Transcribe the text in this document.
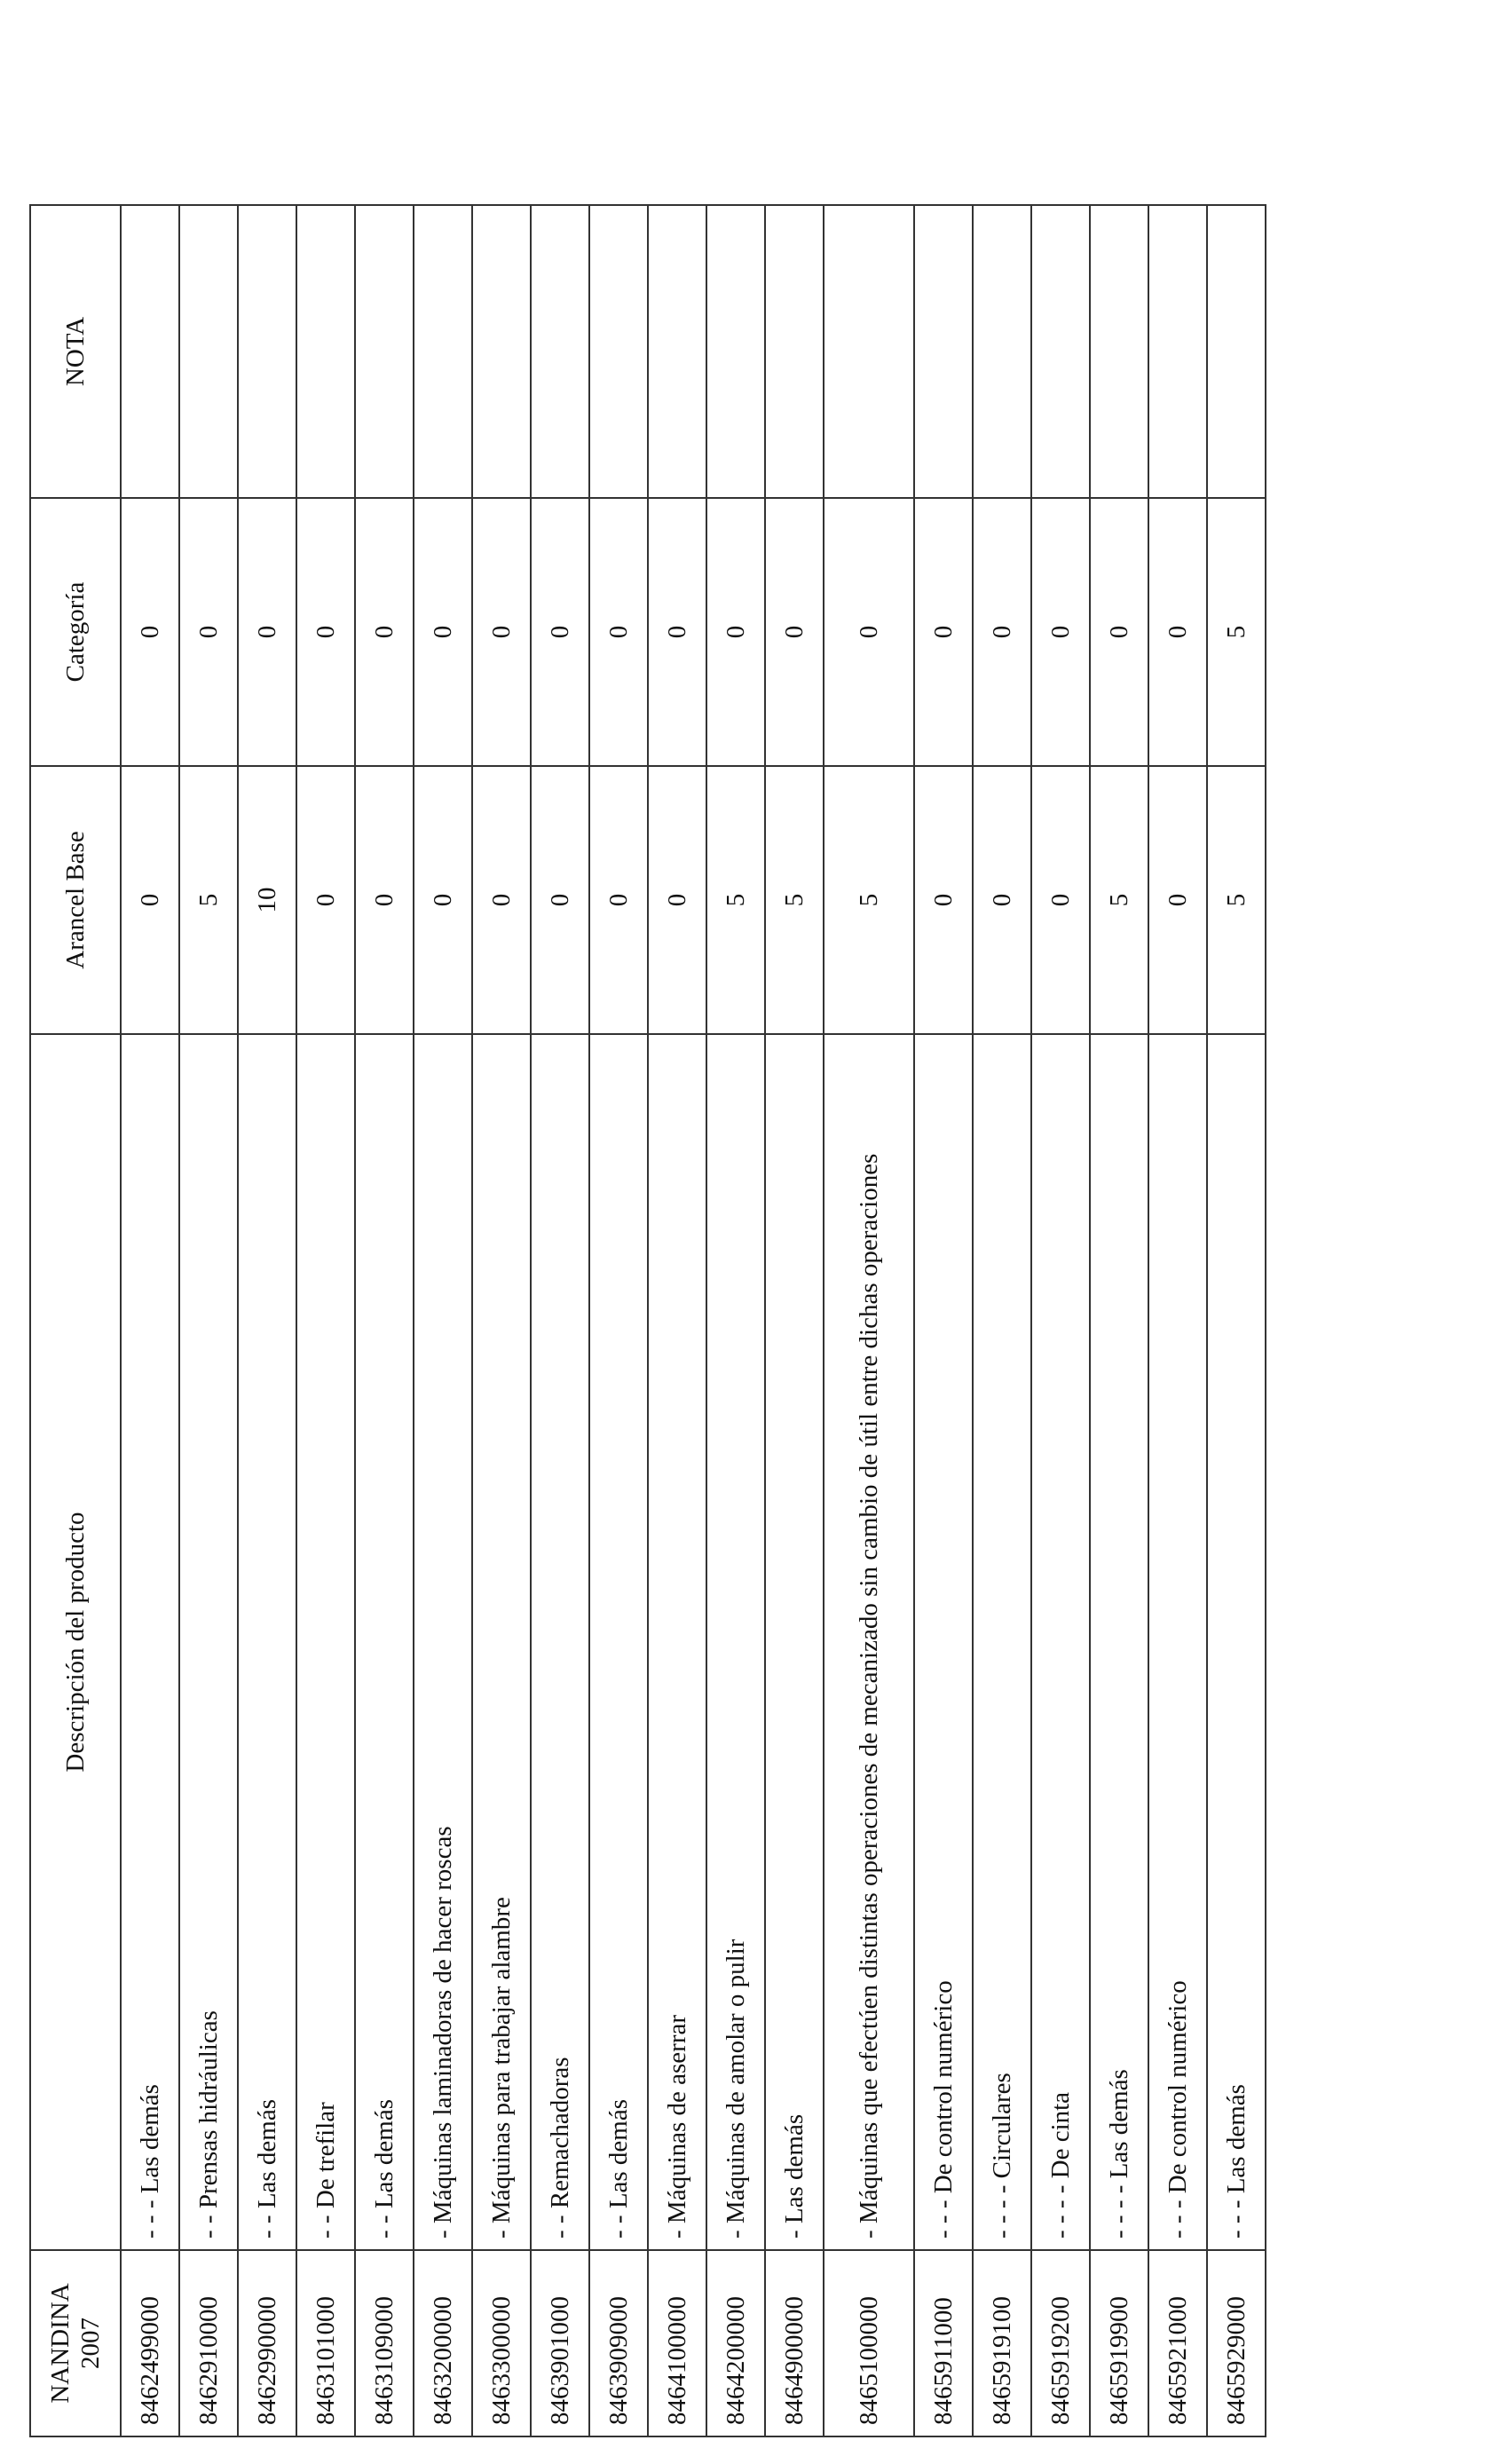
NANDINA
2007	Descripción del producto	Arancel Base	Categoría	NOTA
8462499000	- - - Las demás	0	0	
8462910000	- - Prensas hidráulicas	5	0	
8462990000	- - Las demás	10	0	
8463101000	- - De trefilar	0	0	
8463109000	- - Las demás	0	0	
8463200000	- Máquinas laminadoras de hacer roscas	0	0	
8463300000	- Máquinas para trabajar alambre	0	0	
8463901000	- - Remachadoras	0	0	
8463909000	- - Las demás	0	0	
8464100000	- Máquinas de aserrar	0	0	
8464200000	- Máquinas de amolar o pulir	5	0	
8464900000	- Las demás	5	0	
8465100000	- Máquinas que efectúen distintas operaciones de mecanizado sin cambio de útil entre dichas operaciones	5	0	
8465911000	- - - De control numérico	0	0	
8465919100	- - - - Circulares	0	0	
8465919200	- - - - De cinta	0	0	
8465919900	- - - - Las demás	5	0	
8465921000	- - - De control numérico	0	0	
8465929000	- - - Las demás	5	5	
